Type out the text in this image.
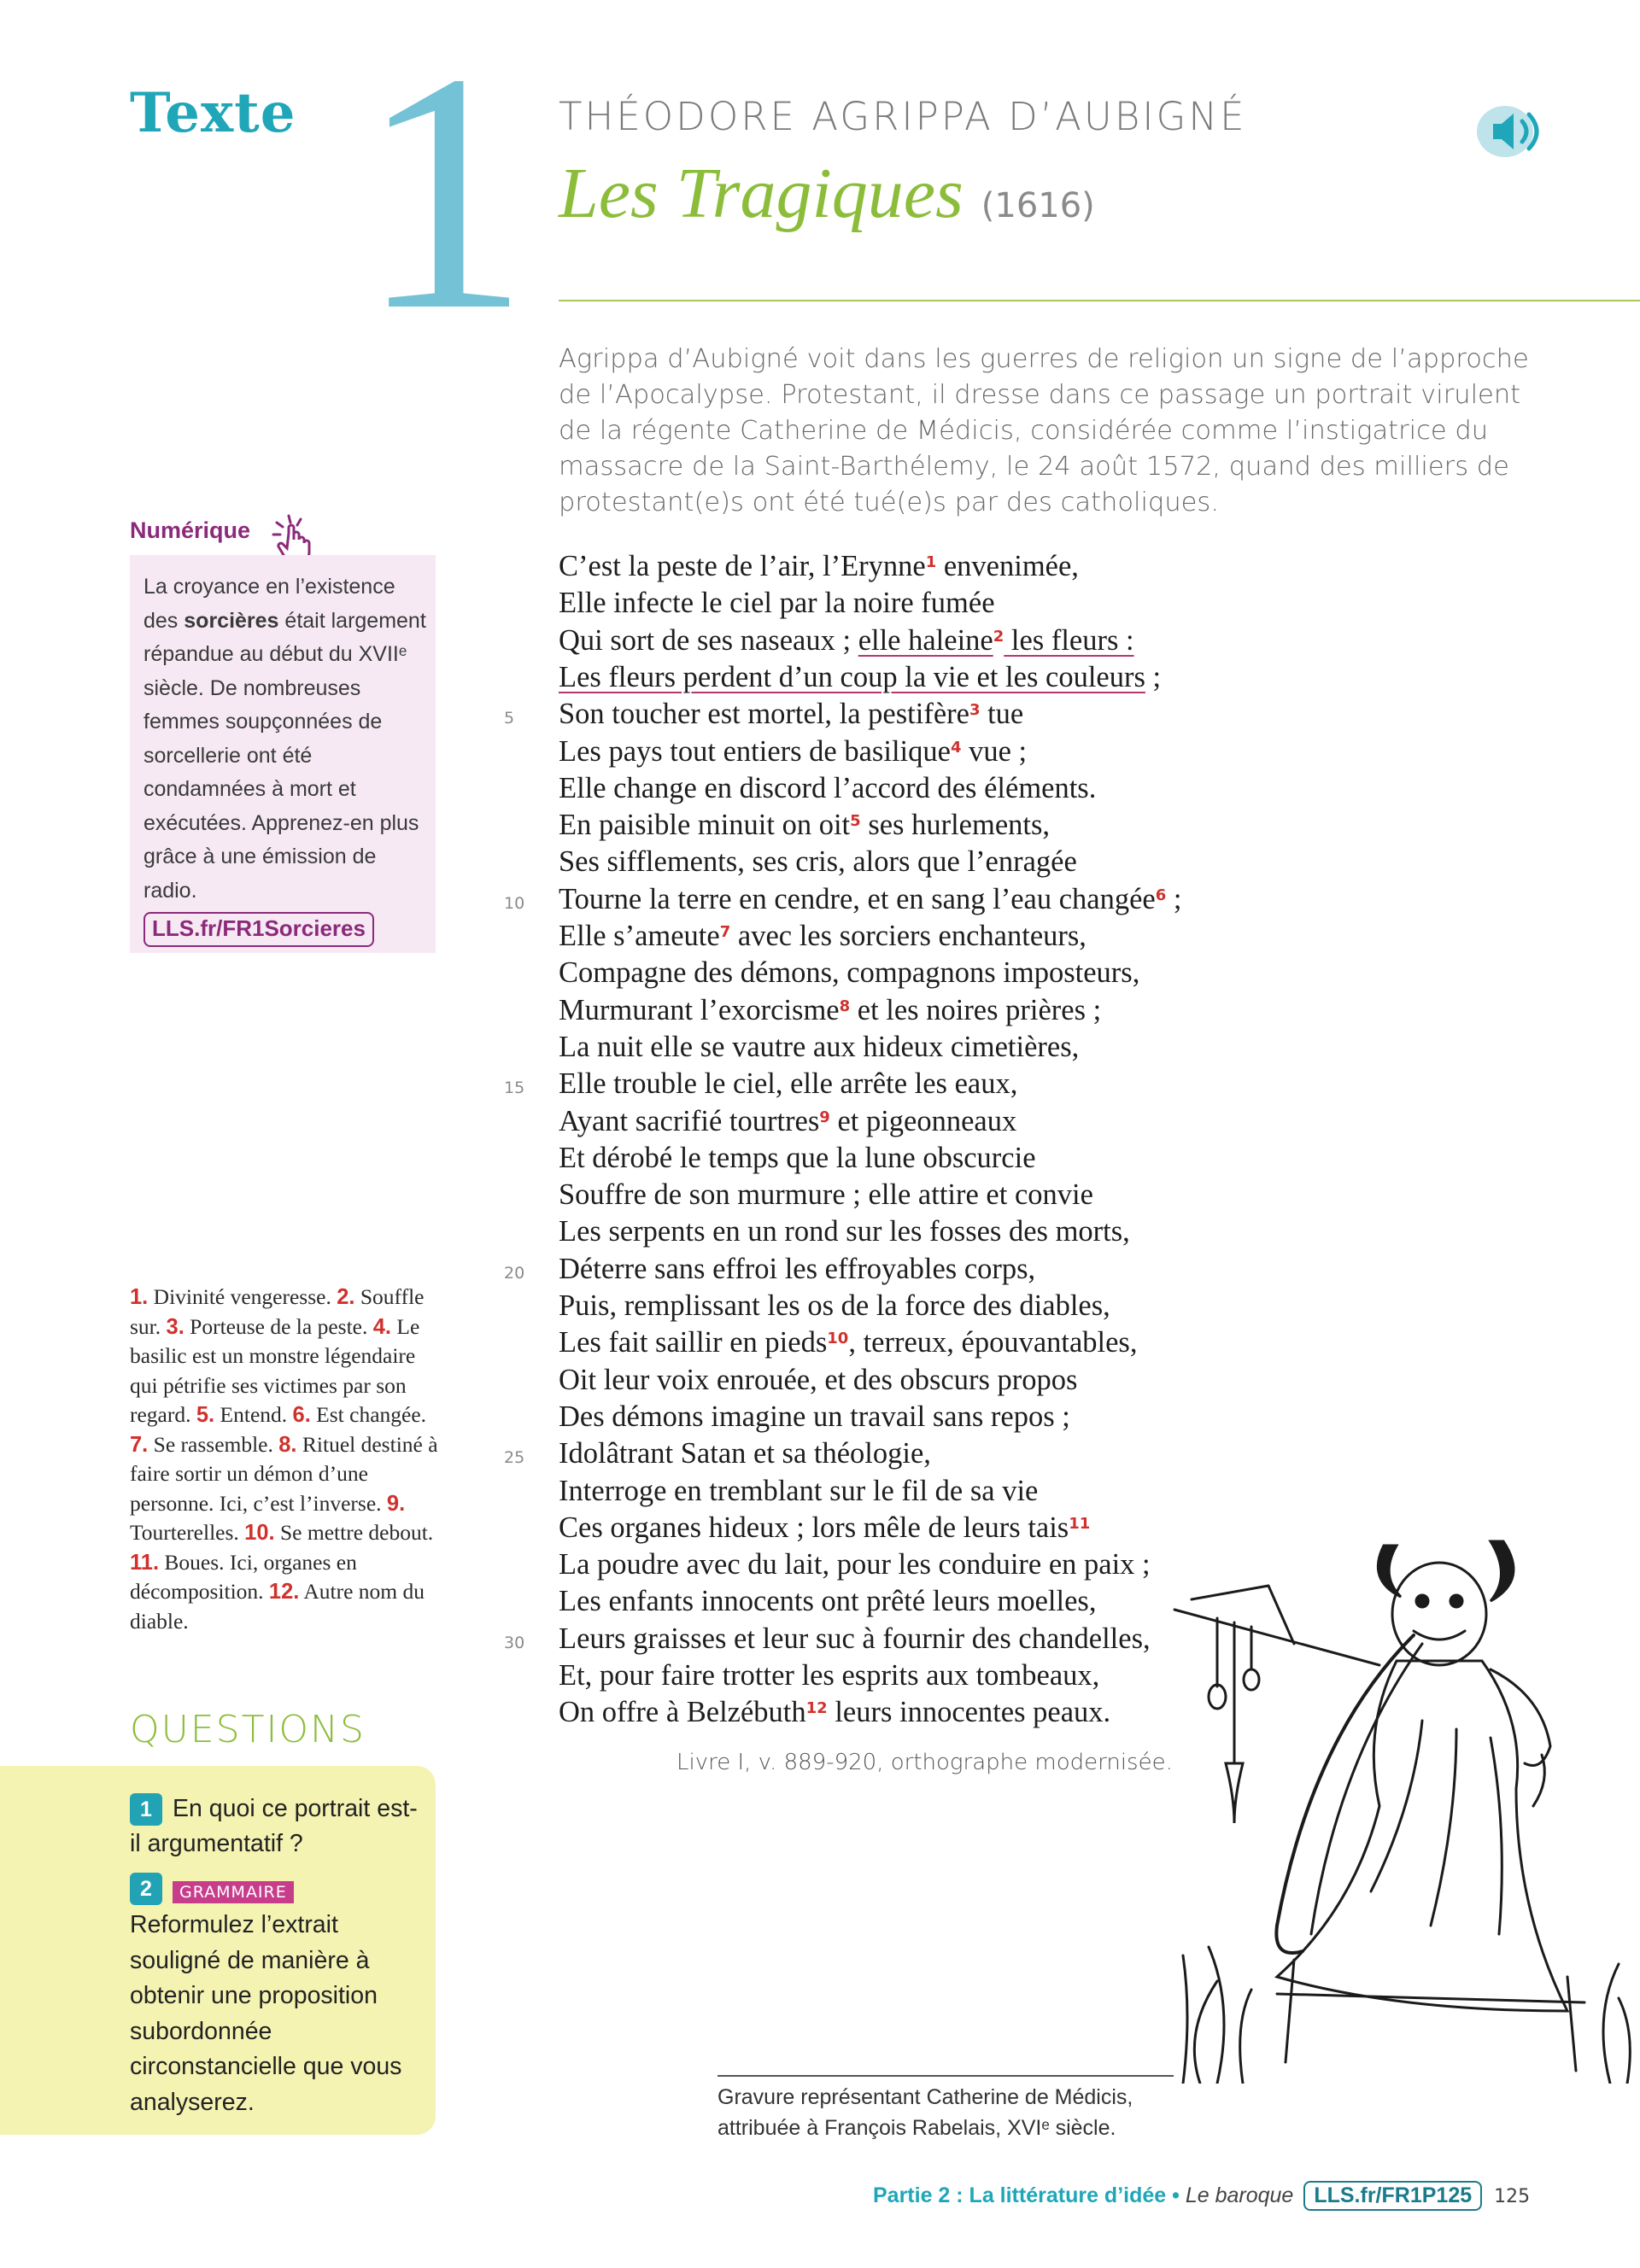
Texte 1 THÉODORE AGRIPPA D’AUBIGNÉ
Les Tragiques (1616)
Agrippa d’Aubigné voit dans les guerres de religion un signe de l’approche de l’Apocalypse. Protestant, il dresse dans ce passage un portrait virulent de la régente Catherine de Médicis, considérée comme l’instigatrice du massacre de la Saint-Barthélemy, le 24 août 1572, quand des milliers de protestant(e)s ont été tué(e)s par des catholiques.
Numérique
La croyance en l’existence des sorcières était largement répandue au début du XVIIᵉ siècle. De nombreuses femmes soupçonnées de sorcellerie ont été condamnées à mort et exécutées. Apprenez-en plus grâce à une émission de radio.
LLS.fr/FR1Sorcieres
C’est la peste de l’air, l’Erynne$^1$ envenimée,
Elle infecte le ciel par la noire fumée
Qui sort de ses naseaux ; elle haleine$^2$ les fleurs :
Les fleurs perdent d’un coup la vie et les couleurs ;
Son toucher est mortel, la pestifère$^3$ tue
Les pays tout entiers de basilique$^4$ vue ;
Elle change en discord l’accord des éléments.
En paisible minuit on oit$^5$ ses hurlements,
Ses sifflements, ses cris, alors que l’enragée
Tourne la terre en cendre, et en sang l’eau changée$^6$ ;
Elle s’ameute$^7$ avec les sorciers enchanteurs,
Compagne des démons, compagnons imposteurs,
Murmurant l’exorcisme$^8$ et les noires prières ;
La nuit elle se vautre aux hideux cimetières,
Elle trouble le ciel, elle arrête les eaux,
Ayant sacrifié tourtres$^9$ et pigeonneaux
Et dérobé le temps que la lune obscurcie
Souffre de son murmure ; elle attire et convie
Les serpents en un rond sur les fosses des morts,
Déterre sans effroi les effroyables corps,
Puis, remplissant les os de la force des diables,
Les fait saillir en pieds$^{10}$, terreux, épouvantables,
Oit leur voix enrouée, et des obscurs propos
Des démons imagine un travail sans repos ;
Idolâtrant Satan et sa théologie,
Interroge en tremblant sur le fil de sa vie
Ces organes hideux ; lors mêle de leurs tais$^{11}$
La poudre avec du lait, pour les conduire en paix ;
Les enfants innocents ont prêté leurs moelles,
Leurs graisses et leur suc à fournir des chandelles,
Et, pour faire trotter les esprits aux tombeaux,
On offre à Belzébuth$^{12}$ leurs innocentes peaux.
5
10
15
20
25
30
Livre I, v. 889-920, orthographe modernisée.
1. Divinité vengeresse. 2. Souffle sur. 3. Porteuse de la peste. 4. Le basilic est un monstre légendaire qui pétrifie ses victimes par son regard. 5. Entend. 6. Est changée. 7. Se rassemble. 8. Rituel destiné à faire sortir un démon d’une personne. Ici, c’est l’inverse. 9. Tourterelles. 10. Se mettre debout. 11. Boues. Ici, organes en décomposition. 12. Autre nom du diable.
QUESTIONS
1 En quoi ce portrait est-il argumentatif ?
2 GRAMMAIRE
Reformulez l’extrait souligné de manière à obtenir une proposition subordonnée circonstancielle que vous analyserez.	Gravure représentant Catherine de Médicis, attribuée à François Rabelais, XVIᵉ siècle.
Partie 2 : La littérature d’idée • Le baroque LLS.fr/FR1P125 125
